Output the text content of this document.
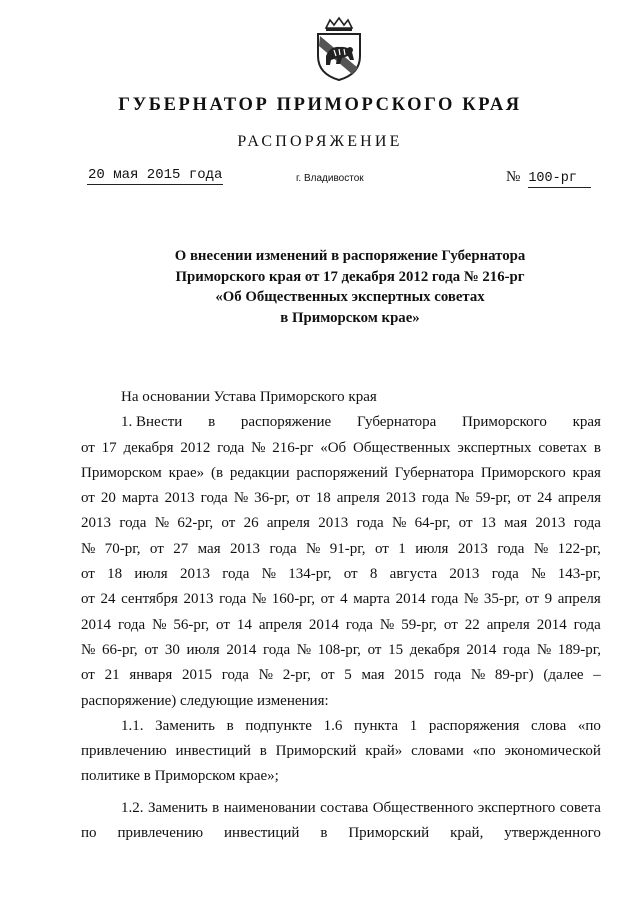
ГУБЕРНАТОР ПРИМОРСКОГО КРАЯ
РАСПОРЯЖЕНИЕ
20 мая 2015 года	г. Владивосток	№ 100-рг
О внесении изменений в распоряжение Губернатора
Приморского края от 17 декабря 2012 года № 216-рг
«Об Общественных экспертных советах
в Приморском крае»
На основании Устава Приморского края
1. Внести в распоряжение Губернатора Приморского края
от 17 декабря 2012 года № 216-рг «Об Общественных экспертных советах в
Приморском крае» (в редакции распоряжений Губернатора Приморского края
от 20 марта 2013 года № 36-рг, от 18 апреля 2013 года № 59-рг, от 24 апреля
2013 года № 62-рг, от 26 апреля 2013 года № 64-рг, от 13 мая 2013 года
№ 70-рг, от 27 мая 2013 года № 91-рг, от 1 июля 2013 года № 122-рг,
от 18 июля 2013 года № 134-рг, от 8 августа 2013 года № 143-рг,
от 24 сентября 2013 года № 160-рг, от 4 марта 2014 года № 35-рг, от 9 апреля
2014 года № 56-рг, от 14 апреля 2014 года № 59-рг, от 22 апреля 2014 года
№ 66-рг, от 30 июля 2014 года № 108-рг, от 15 декабря 2014 года № 189-рг,
от 21 января 2015 года № 2-рг, от 5 мая 2015 года № 89-рг) (далее –
распоряжение) следующие изменения:
1.1. Заменить в подпункте 1.6 пункта 1 распоряжения слова «по
привлечению инвестиций в Приморский край» словами «по экономической
политике в Приморском крае»;
1.2. Заменить в наименовании состава Общественного экспертного совета
по привлечению инвестиций в Приморский край, утвержденного
